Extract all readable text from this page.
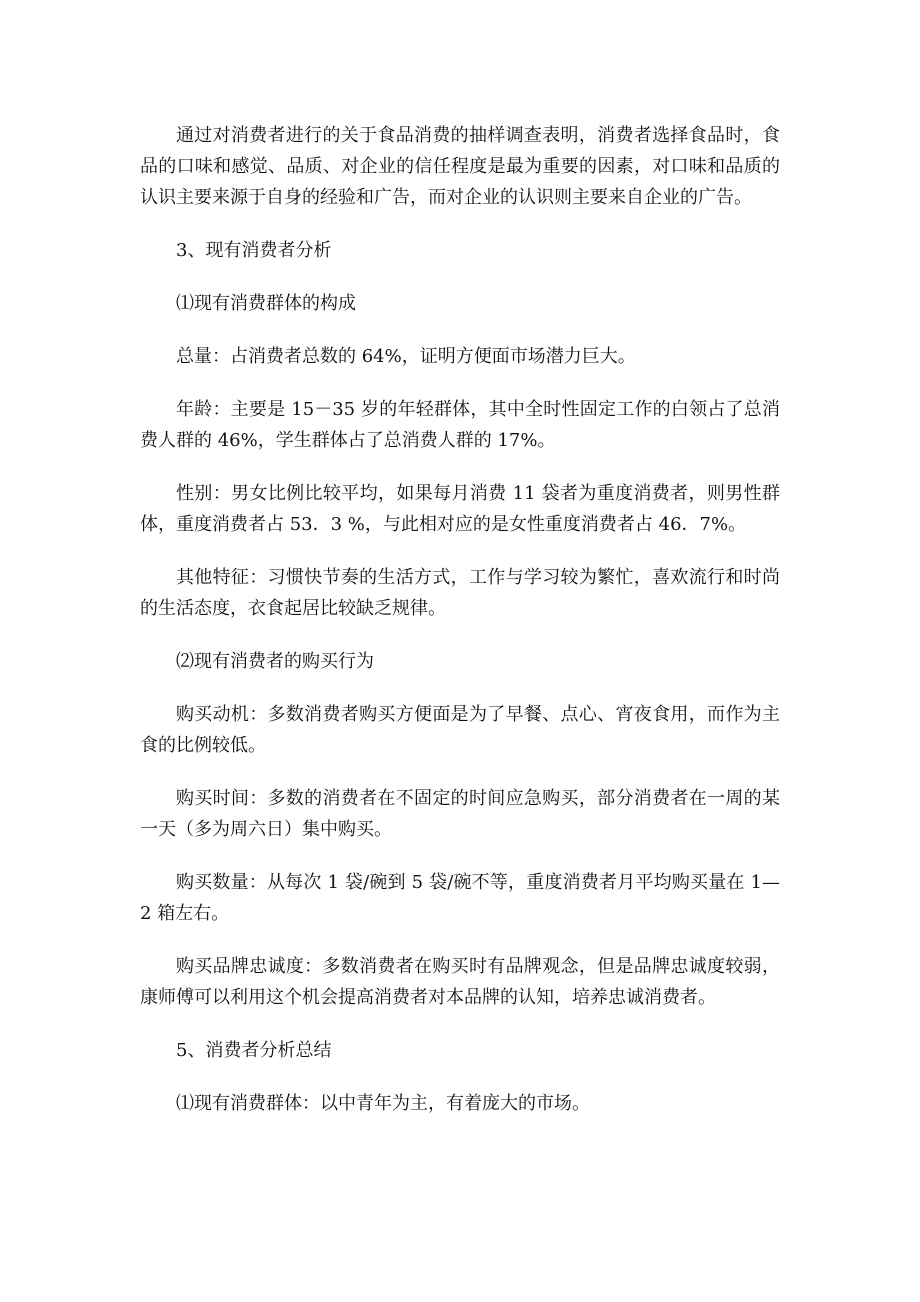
通过对消费者进行的关于食品消费的抽样调查表明，消费者选择食品时，食品的口味和感觉、品质、对企业的信任程度是最为重要的因素，对口味和品质的认识主要来源于自身的经验和广告，而对企业的认识则主要来自企业的广告。

3、现有消费者分析

⑴现有消费群体的构成

总量：占消费者总数的 64%，证明方便面市场潜力巨大。

年龄：主要是 15－35 岁的年轻群体，其中全时性固定工作的白领占了总消费人群的 46%，学生群体占了总消费人群的 17%。

性别：男女比例比较平均，如果每月消费 11 袋者为重度消费者，则男性群体，重度消费者占 53．3 %，与此相对应的是女性重度消费者占 46．7%。

其他特征：习惯快节奏的生活方式，工作与学习较为繁忙，喜欢流行和时尚的生活态度，衣食起居比较缺乏规律。

⑵现有消费者的购买行为

购买动机：多数消费者购买方便面是为了早餐、点心、宵夜食用，而作为主食的比例较低。

购买时间：多数的消费者在不固定的时间应急购买，部分消费者在一周的某一天（多为周六日）集中购买。

购买数量：从每次 1 袋/碗到 5 袋/碗不等，重度消费者月平均购买量在 1—2 箱左右。

购买品牌忠诚度：多数消费者在购买时有品牌观念，但是品牌忠诚度较弱，康师傅可以利用这个机会提高消费者对本品牌的认知，培养忠诚消费者。

5、消费者分析总结

⑴现有消费群体：以中青年为主，有着庞大的市场。
